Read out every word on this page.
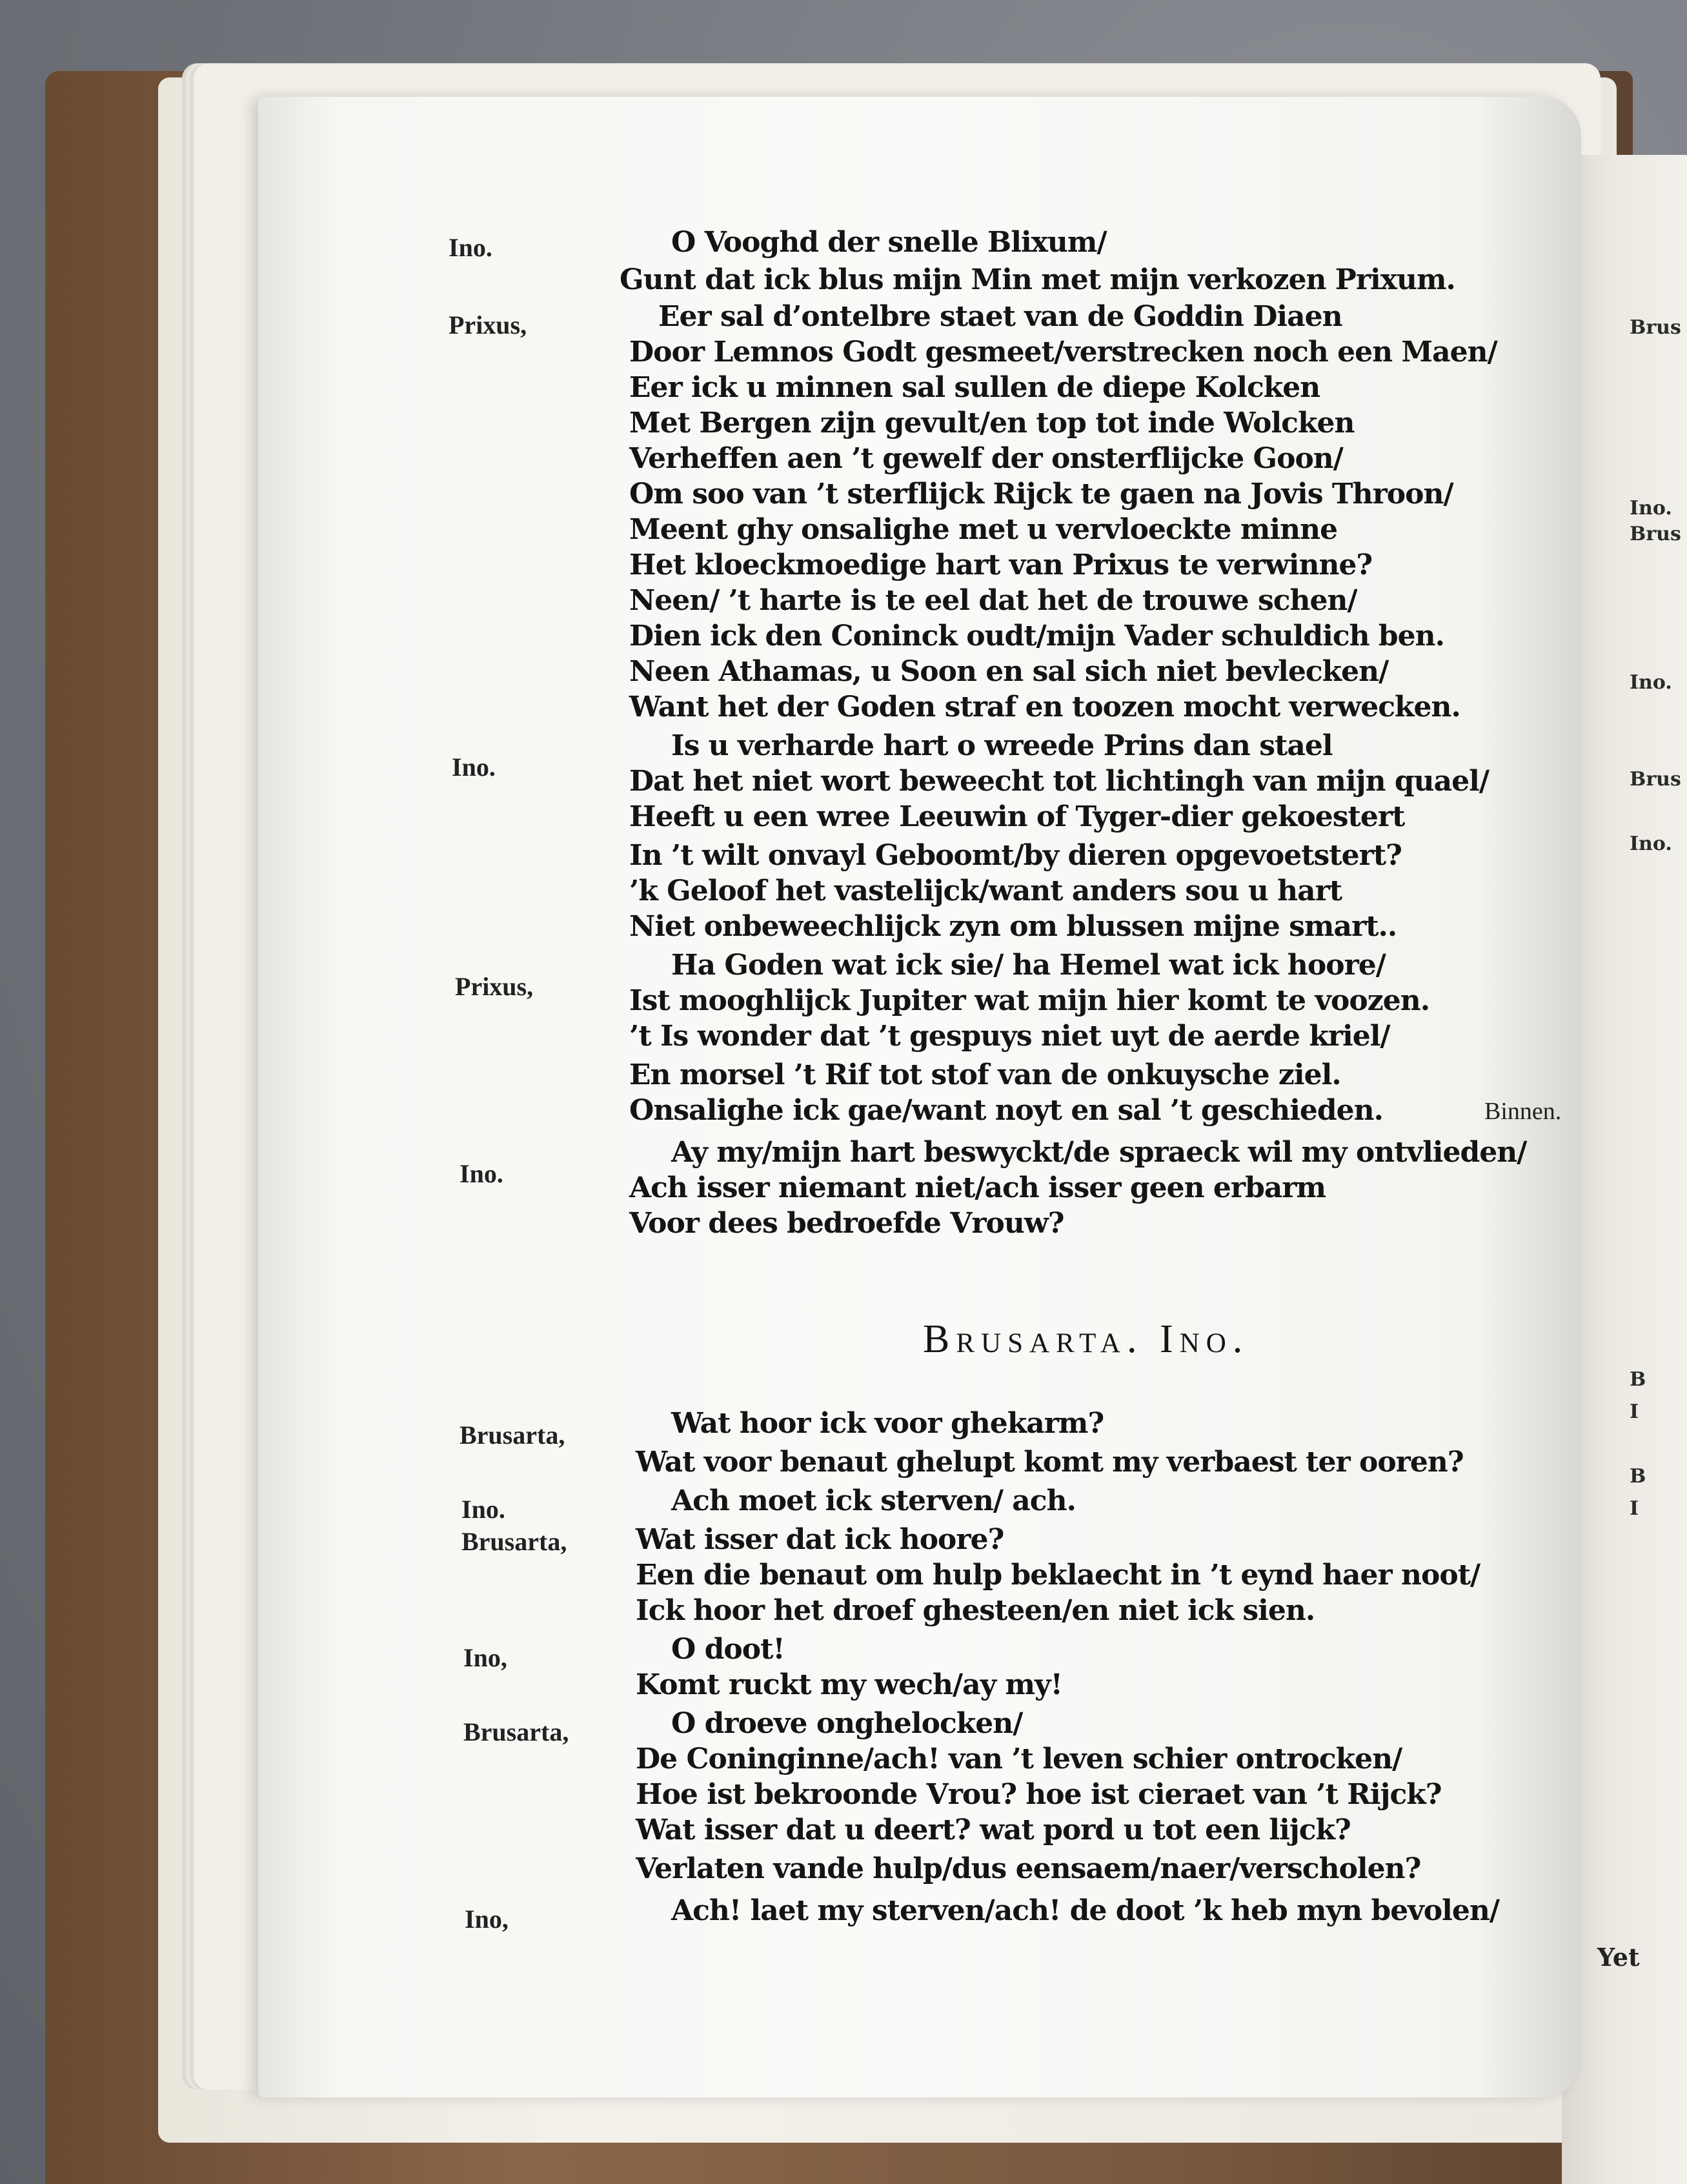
Brus
Ino.
Brus
Ino.
Brus
Ino.
B
I
B
I
Ino.
Prixus,
Ino.
Prixus,
Ino.
Brusarta,
Ino.
Brusarta,
Ino,
Brusarta,
Ino,
O Vooghd der snelle Blixum/
Gunt dat ick blus mijn Min met mijn verkozen Prixum.
Eer sal d’ontelbre staet van de Goddin Diaen
Door Lemnos Godt gesmeet/verstrecken noch een Maen/
Eer ick u minnen sal sullen de diepe Kolcken
Met Bergen zijn gevult/en top tot inde Wolcken
Verheffen aen ’t gewelf der onsterflijcke Goon/
Om soo van ’t sterflijck Rijck te gaen na Jovis Throon/
Meent ghy onsalighe met u vervloeckte minne
Het kloeckmoedige hart van Prixus te verwinne?
Neen/ ’t harte is te eel dat het de trouwe schen/
Dien ick den Coninck oudt/mijn Vader schuldich ben.
Neen Athamas, u Soon en sal sich niet bevlecken/
Want het der Goden straf en toozen mocht verwecken.
Is u verharde hart o wreede Prins dan stael
Dat het niet wort beweecht tot lichtingh van mijn quael/
Heeft u een wree Leeuwin of Tyger-dier gekoestert
In ’t wilt onvayl Geboomt/by dieren opgevoetstert?
’k Geloof het vastelijck/want anders sou u hart
Niet onbeweechlijck zyn om blussen mijne smart..
Ha Goden wat ick sie/ ha Hemel wat ick hoore/
Ist mooghlijck Jupiter wat mijn hier komt te voozen.
’t Is wonder dat ’t gespuys niet uyt de aerde kriel/
En morsel ’t Rif tot stof van de onkuysche ziel.
Onsalighe ick gae/want noyt en sal ’t geschieden.
Ay my/mijn hart beswyckt/de spraeck wil my ontvlieden/
Ach isser niemant niet/ach isser geen erbarm
Voor dees bedroefde Vrouw?
Binnen.
Brusarta. Ino.
Wat hoor ick voor ghekarm?
Wat voor benaut ghelupt komt my verbaest ter ooren?
Ach moet ick sterven/ ach.
Wat isser dat ick hoore?
Een die benaut om hulp beklaecht in ’t eynd haer noot/
Ick hoor het droef ghesteen/en niet ick sien.
O doot!
Komt ruckt my wech/ay my!
O droeve onghelocken/
De Coninginne/ach! van ’t leven schier ontrocken/
Hoe ist bekroonde Vrou? hoe ist cieraet van ’t Rijck?
Wat isser dat u deert? wat pord u tot een lijck?
Verlaten vande hulp/dus eensaem/naer/verscholen?
Ach! laet my sterven/ach! de doot ’k heb myn bevolen/
Yet
